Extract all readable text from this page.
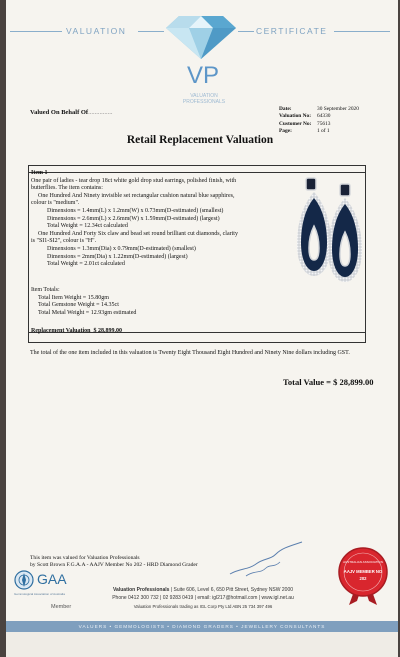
VALUATION	CERTIFICATE
VP
VALUATION PROFESSIONALS
Valued On Behalf Of...............	Date:	30 September 2020
Valuation No:	64330
Customer No:	75613
Page:	1 of 1
Retail Replacement Valuation
Item 1
One pair of ladies - tear drop 18ct white gold drop stud earrings, polished finish, with
butterflies. The item contains:
One Hundred And Ninety invisible set rectangular cushion natural blue sapphires,
colour is "medium".
Dimensions = 1.4mm(L) x 1.2mm(W) x 0.73mm(D-estimated) (smallest)
Dimensions = 2.6mm(L) x 2.6mm(W) x 1.59mm(D-estimated) (largest)
Total Weight = 12.34ct calculated
One Hundred And Forty Six claw and bead set round brilliant cut diamonds, clarity
is "SI1-SI2", colour is "H".
Dimensions = 1.3mm(Dia) x 0.79mm(D-estimated) (smallest)
Dimensions = 2mm(Dia) x 1.22mm(D-estimated) (largest)
Total Weight = 2.01ct calculated
Item Totals:
Total Item Weight = 15.80gm
Total Gemstone Weight = 14.35ct
Total Metal Weight = 12.93gm estimated
Replacement Valuation $ 28,899.00
The total of the one item included in this valuation is Twenty Eight Thousand Eight Hundred and Ninety Nine dollars including GST.
Total Value = $ 28,899.00
This item was valued for Valuation Professionals
by Scott Brown F.G.A.A - AAJV Member No 202 - HRD Diamond Grader
GAA
Gemmological Association of Australia
Member
Valuation Professionals | Suite 606, Level 6, 650 Pitt Street, Sydney NSW 2000
Phone 0412 300 732 | 02 9283 0419 | email: igl217@hotmail.com | www.igl.net.au
Valuation Professionals trading as IGL Corp Pty Ltd ABN 25 734 397 496
AUSTRALIAN ASSOCIATION
AAJV MEMBER NO
202
VALUERS • GEMMOLOGISTS • DIAMOND GRADERS • JEWELLERY CONSULTANTS
